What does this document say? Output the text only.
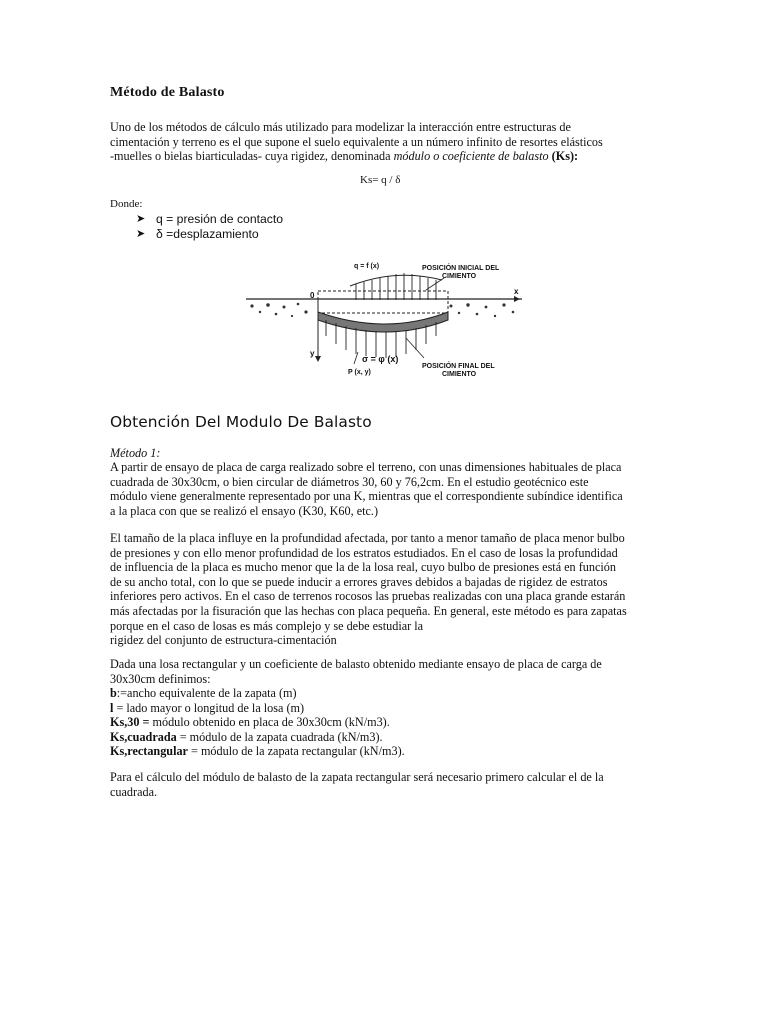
Método de Balasto
Uno de los métodos de cálculo más utilizado para modelizar la interacción entre estructuras de
cimentación y terreno es el que supone el suelo equivalente a un número infinito de resortes elásticos
-muelles o bielas biarticuladas- cuya rigidez, denominada módulo o coeficiente de balasto (Ks):
Ks= q / δ
Donde:
➤ q = presión de contacto
➤ δ =desplazamiento
q = f (x)	POSICIÓN INICIAL DEL
CIMIENTO
0	x
y
σ = φ (x)
P (x, y)
POSICIÓN FINAL DEL
CIMIENTO
Obtención Del Modulo De Balasto
Método 1:
A partir de ensayo de placa de carga realizado sobre el terreno, con unas dimensiones habituales de placa
cuadrada de 30x30cm, o bien circular de diámetros 30, 60 y 76,2cm. En el estudio geotécnico este
módulo viene generalmente representado por una K, mientras que el correspondiente subíndice identifica
a la placa con que se realizó el ensayo (K30, K60, etc.)
El tamaño de la placa influye en la profundidad afectada, por tanto a menor tamaño de placa menor bulbo
de presiones y con ello menor profundidad de los estratos estudiados. En el caso de losas la profundidad
de influencia de la placa es mucho menor que la de la losa real, cuyo bulbo de presiones está en función
de su ancho total, con lo que se puede inducir a errores graves debidos a bajadas de rigidez de estratos
inferiores pero activos. En el caso de terrenos rocosos las pruebas realizadas con una placa grande estarán
más afectadas por la fisuración que las hechas con placa pequeña. En general, este método es para zapatas
porque en el caso de losas es más complejo y se debe estudiar la
rigidez del conjunto de estructura-cimentación
Dada una losa rectangular y un coeficiente de balasto obtenido mediante ensayo de placa de carga de
30x30cm definimos:
b:=ancho equivalente de la zapata (m)
l = lado mayor o longitud de la losa (m)
Ks,30 = módulo obtenido en placa de 30x30cm (kN/m3).
Ks,cuadrada = módulo de la zapata cuadrada (kN/m3).
Ks,rectangular = módulo de la zapata rectangular (kN/m3).
Para el cálculo del módulo de balasto de la zapata rectangular será necesario primero calcular el de la
cuadrada.
